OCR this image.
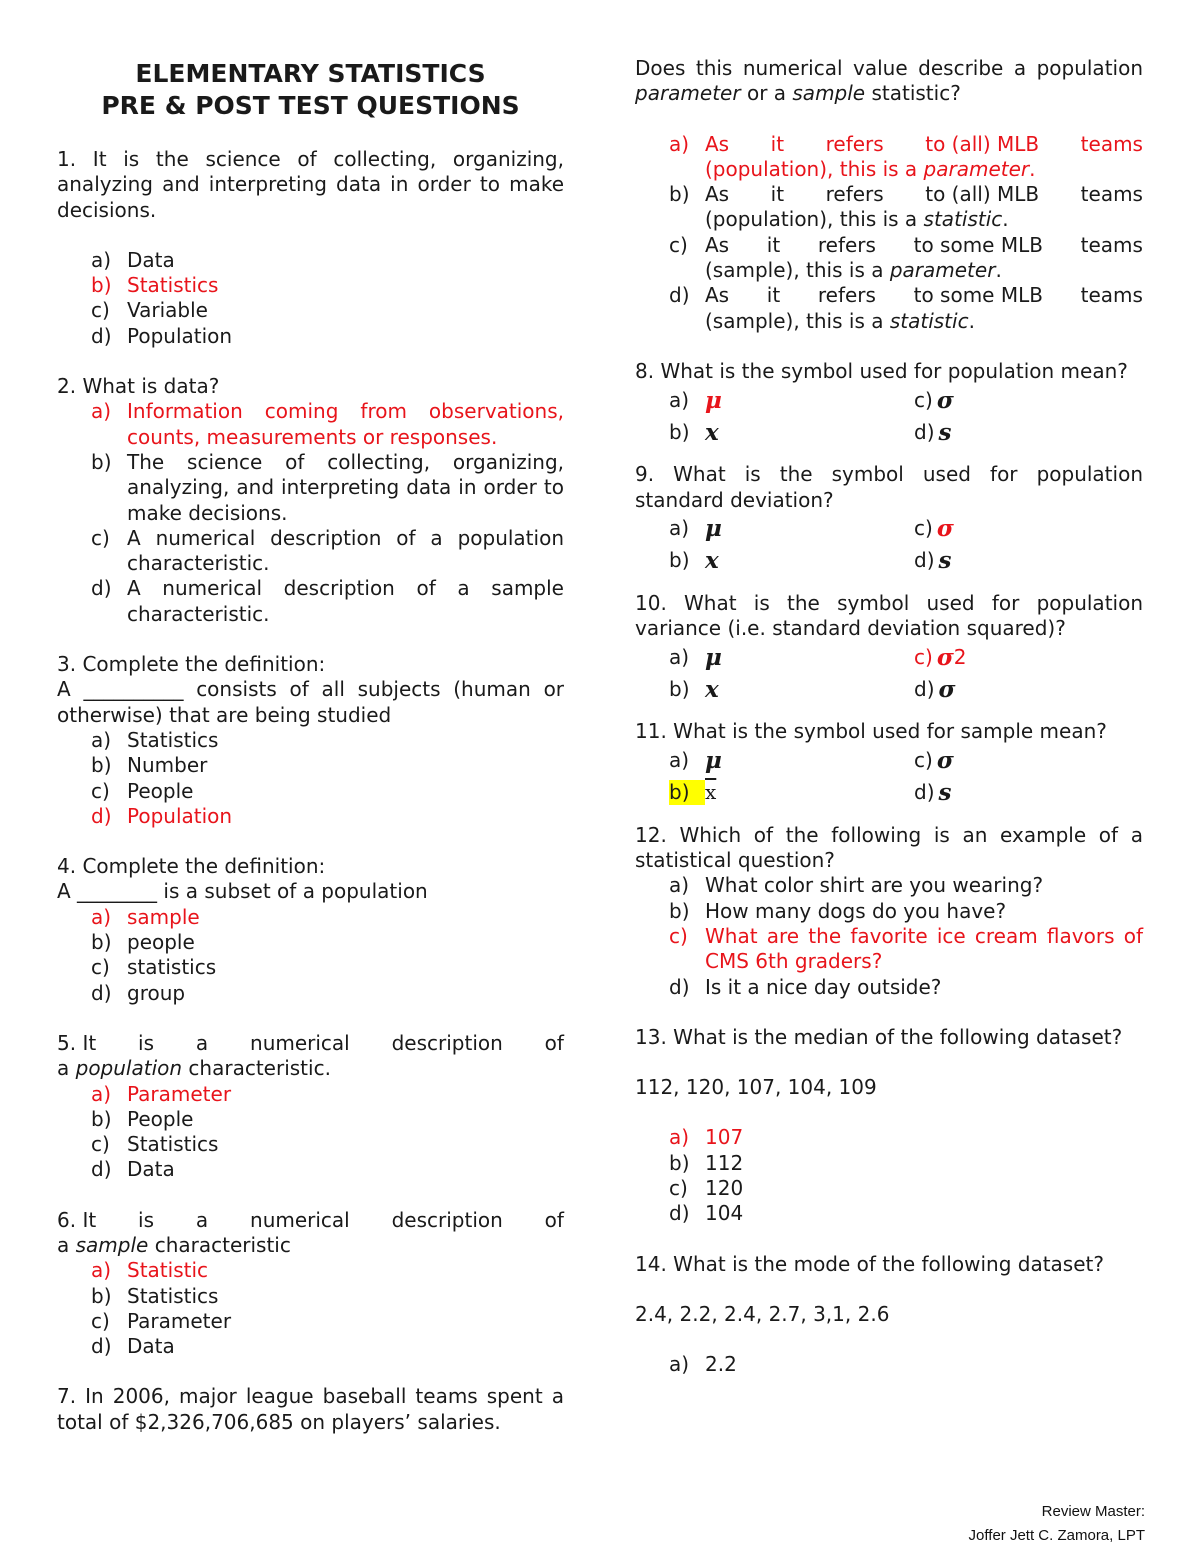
ELEMENTARY STATISTICS
PRE & POST TEST QUESTIONS
1. It is the science of collecting, organizing, analyzing and interpreting data in order to make decisions.
a) Data
b) Statistics
c) Variable
d) Population
2. What is data?
a) Information coming from observations, counts, measurements or responses.
b) The science of collecting, organizing, analyzing, and interpreting data in order to make decisions.
c) A numerical description of a population characteristic.
d) A numerical description of a sample characteristic.
3. Complete the definition:
A __________ consists of all subjects (human or otherwise) that are being studied
a) Statistics
b) Number
c) People
d) Population
4. Complete the definition:
A ________ is a subset of a population
a) sample
b) people
c) statistics
d) group
5. It is a numerical description of
a population characteristic.
a) Parameter
b) People
c) Statistics
d) Data
6. It is a numerical description of
a sample characteristic
a) Statistic
b) Statistics
c) Parameter
d) Data
7. In 2006, major league baseball teams spent a total of $2,326,706,685 on players’ salaries.
Does this numerical value describe a population parameter or a sample statistic?
a) As it refers to (all) MLB teams
(population), this is a parameter.
b) As it refers to (all) MLB teams
(population), this is a statistic.
c) As it refers to some MLB teams
(sample), this is a parameter.
d) As it refers to some MLB teams
(sample), this is a statistic.
8. What is the symbol used for population mean?
a) μ	c) σ
b) x	d) s
9. What is the symbol used for population standard deviation?
a) μ	c) σ
b) x	d) s
10. What is the symbol used for population variance (i.e. standard deviation squared)?
a) μ	c) σ 2
b) x	d) σ
11. What is the symbol used for sample mean?
a) μ	c) σ
b) $\overline{x}$	d) s
12. Which of the following is an example of a statistical question?
a) What color shirt are you wearing?
b) How many dogs do you have?
c) What are the favorite ice cream flavors of CMS 6th graders?
d) Is it a nice day outside?
13. What is the median of the following dataset?
112, 120, 107, 104, 109
a) 107
b) 112
c) 120
d) 104
14. What is the mode of the following dataset?
2.4, 2.2, 2.4, 2.7, 3,1, 2.6
a) 2.2
Review Master:
Joffer Jett C. Zamora, LPT
